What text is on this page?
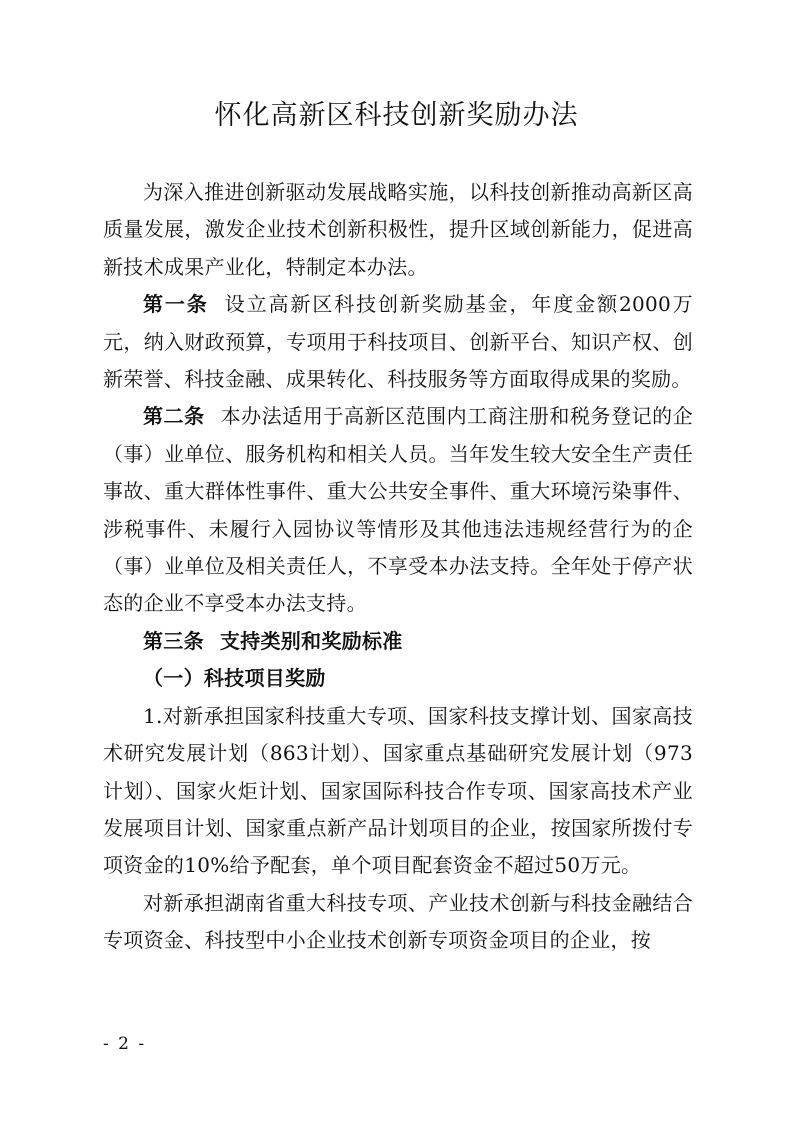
怀化高新区科技创新奖励办法

为深入推进创新驱动发展战略实施，以科技创新推动高新区高质量发展，激发企业技术创新积极性，提升区域创新能力，促进高新技术成果产业化，特制定本办法。

第一条 设立高新区科技创新奖励基金，年度金额2000万元，纳入财政预算，专项用于科技项目、创新平台、知识产权、创新荣誉、科技金融、成果转化、科技服务等方面取得成果的奖励。

第二条 本办法适用于高新区范围内工商注册和税务登记的企（事）业单位、服务机构和相关人员。当年发生较大安全生产责任事故、重大群体性事件、重大公共安全事件、重大环境污染事件、涉税事件、未履行入园协议等情形及其他违法违规经营行为的企（事）业单位及相关责任人，不享受本办法支持。全年处于停产状态的企业不享受本办法支持。

第三条 支持类别和奖励标准

（一）科技项目奖励

1.对新承担国家科技重大专项、国家科技支撑计划、国家高技术研究发展计划（863计划）、国家重点基础研究发展计划（973计划）、国家火炬计划、国家国际科技合作专项、国家高技术产业发展项目计划、国家重点新产品计划项目的企业，按国家所拨付专项资金的10%给予配套，单个项目配套资金不超过50万元。

对新承担湖南省重大科技专项、产业技术创新与科技金融结合专项资金、科技型中小企业技术创新专项资金项目的企业，按

- 2 -
